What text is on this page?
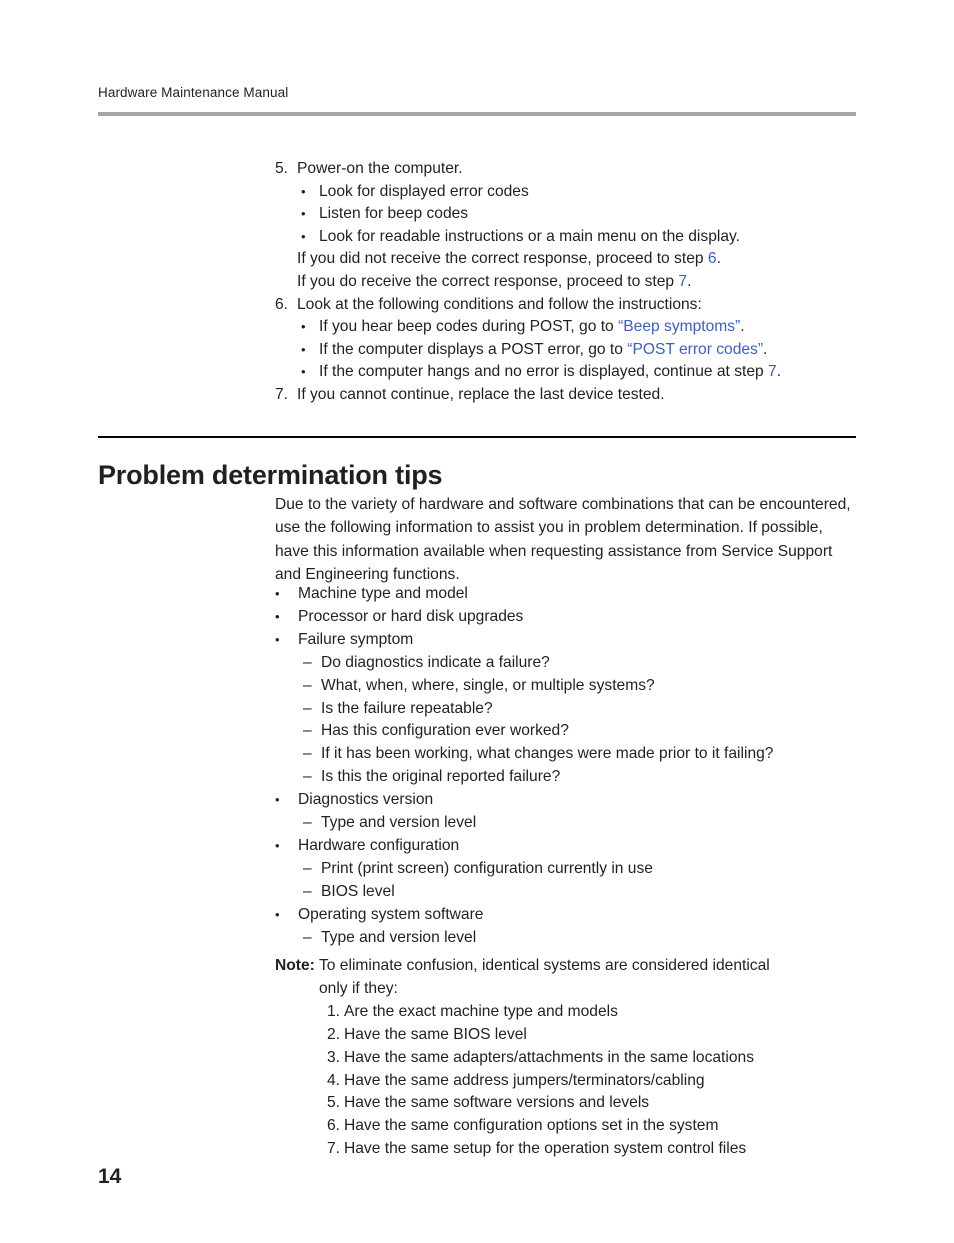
Hardware Maintenance Manual
5. Power-on the computer.
• Look for displayed error codes
• Listen for beep codes
• Look for readable instructions or a main menu on the display.
If you did not receive the correct response, proceed to step 6.
If you do receive the correct response, proceed to step 7.
6. Look at the following conditions and follow the instructions:
• If you hear beep codes during POST, go to “Beep symptoms”.
• If the computer displays a POST error, go to “POST error codes”.
• If the computer hangs and no error is displayed, continue at step 7.
7. If you cannot continue, replace the last device tested.
Problem determination tips

Due to the variety of hardware and software combinations that can be encountered, use the following information to assist you in problem determination. If possible, have this information available when requesting assistance from Service Support and Engineering functions.

•	Machine type and model
•	Processor or hard disk upgrades
•	Failure symptom
– Do diagnostics indicate a failure?
– What, when, where, single, or multiple systems?
– Is the failure repeatable?
– Has this configuration ever worked?
– If it has been working, what changes were made prior to it failing?
– Is this the original reported failure?
•	Diagnostics version
– Type and version level
•	Hardware configuration
– Print (print screen) configuration currently in use
– BIOS level
•	Operating system software
– Type and version level
Note: To eliminate confusion, identical systems are considered identical
only if they:
1. Are the exact machine type and models
2. Have the same BIOS level
3. Have the same adapters/attachments in the same locations
4. Have the same address jumpers/terminators/cabling
5. Have the same software versions and levels
6. Have the same configuration options set in the system
7. Have the same setup for the operation system control files
14
